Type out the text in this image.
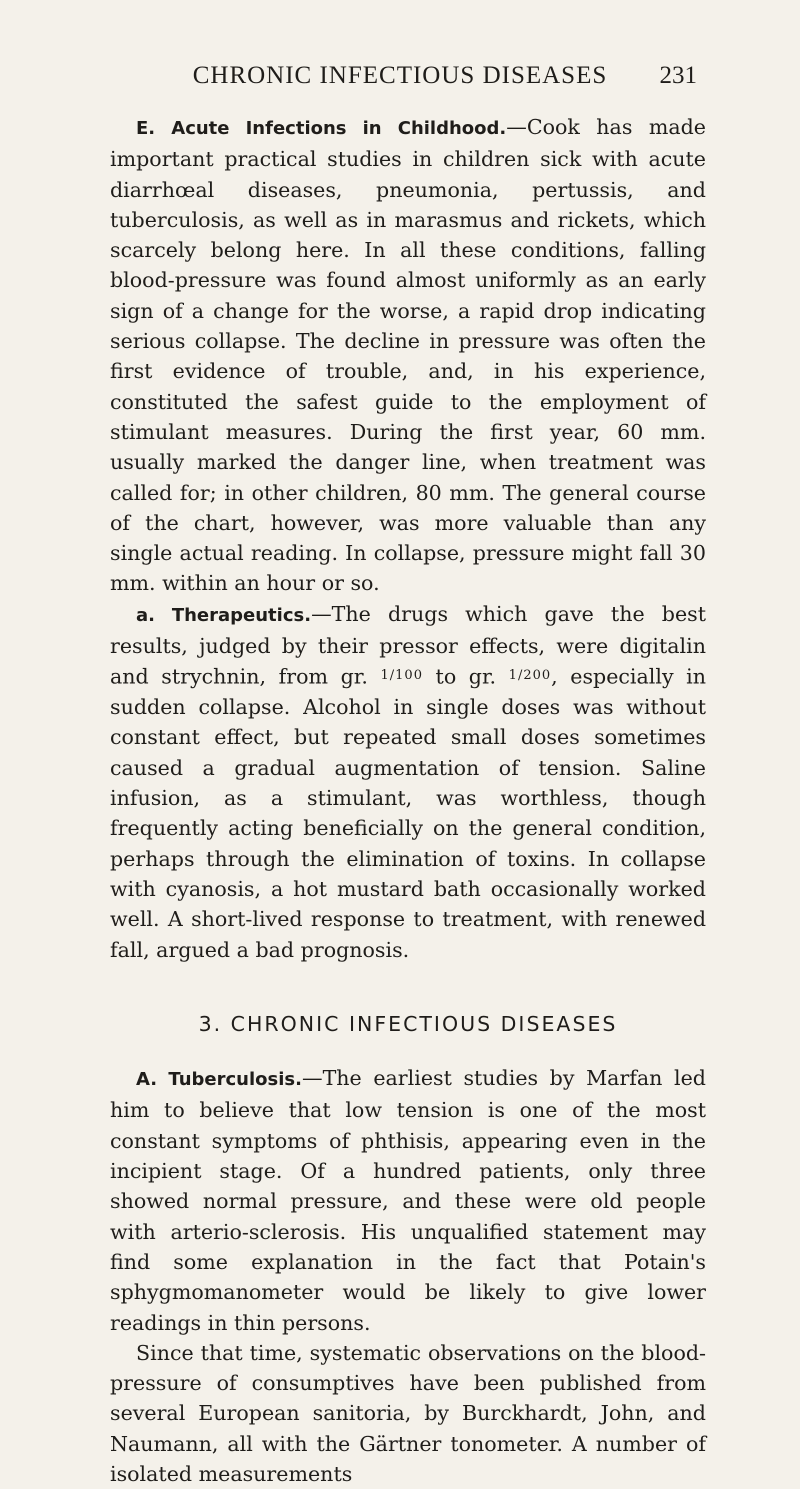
CHRONIC INFECTIOUS DISEASES	231

E. Acute Infections in Childhood.—Cook has made important practical studies in children sick with acute diarrhœal diseases, pneumonia, pertussis, and tuberculosis, as well as in marasmus and rickets, which scarcely belong here. In all these conditions, falling blood-pressure was found almost uniformly as an early sign of a change for the worse, a rapid drop indicating serious collapse. The decline in pressure was often the first evidence of trouble, and, in his experience, constituted the safest guide to the employment of stimulant measures. During the first year, 60 mm. usually marked the danger line, when treatment was called for; in other children, 80 mm. The general course of the chart, however, was more valuable than any single actual reading. In collapse, pressure might fall 30 mm. within an hour or so.

a. Therapeutics.—The drugs which gave the best results, judged by their pressor effects, were digitalin and strychnin, from gr. $^{1/100}$ to gr. $^{1/200}$, especially in sudden collapse. Alcohol in single doses was without constant effect, but repeated small doses sometimes caused a gradual augmentation of tension. Saline infusion, as a stimulant, was worthless, though frequently acting beneficially on the general condition, perhaps through the elimination of toxins. In collapse with cyanosis, a hot mustard bath occasionally worked well. A short-lived response to treatment, with renewed fall, argued a bad prognosis.

3. CHRONIC INFECTIOUS DISEASES

A. Tuberculosis.—The earliest studies by Marfan led him to believe that low tension is one of the most constant symptoms of phthisis, appearing even in the incipient stage. Of a hundred patients, only three showed normal pressure, and these were old people with arterio-sclerosis. His unqualified statement may find some explanation in the fact that Potain's sphygmomanometer would be likely to give lower readings in thin persons.

Since that time, systematic observations on the blood-pressure of consumptives have been published from several European sanitoria, by Burckhardt, John, and Naumann, all with the Gärtner tonometer. A number of isolated measurements
